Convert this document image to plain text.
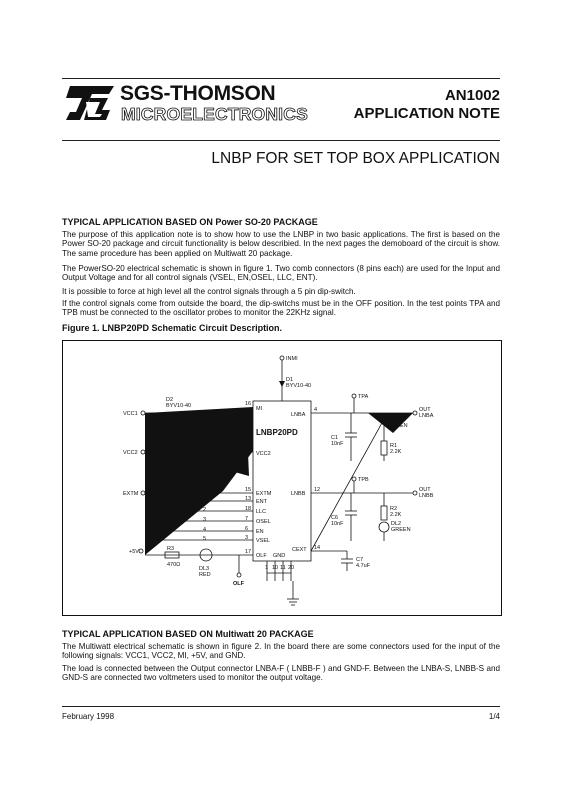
SGS-THOMSON
MICROELECTRONICS
AN1002
APPLICATION NOTE
LNBP FOR SET TOP BOX APPLICATION
TYPICAL APPLICATION BASED ON Power SO-20 PACKAGE
The purpose of this application note is to show how to use the LNBP in two basic applications. The first is based on the Power SO-20 package and circuit functionality is below describied. In the next pages the demoboard of the circuit is show. The same procedure has been applied on Multiwatt 20 package.
The PowerSO-20 electrical schematic is shown in figure 1. Two comb connectors (8 pins each) are used for the Input and Output Voltage and for all control signals (VSEL, EN,OSEL, LLC, ENT).
It is possible to force at high level all the control signals through a 5 pin dip-switch.
If the control signals come from outside the board, the dip-switchs must be in the OFF position. In the test points TPA and TPB must be connected to the oscillator probes to monitor the 22KHz signal.
Figure 1. LNBP20PD Schematic Circuit Description.
INMI
D1
BYV10-40
D2
BYV10-40
VCC1
VCC2
EXTM
+5V
LNBP20PD
MI
LNBA
VCC2
EXTM
ENT
LLC
OSEL
EN
VSEL
OLF GND
CEXT
LNBB
16
4
5
15
13
18
7
6
3
17
12
14
1 10 11 20
1
2
3
4
5
TPA
TPB
OUT
LNBA
OUT
LNBB
DL1
GREEN
R1
2.2K
R2
2.2K
DL2
GREEN
C1
10nF
C3
2.2uF
C6
10nF
C7
4.7uF
R3
470Ω
DL3
RED
OLF
TYPICAL APPLICATION BASED ON Multiwatt 20 PACKAGE
The Multiwatt electrical schematic is shown in figure 2. In the board there are some connectors used for the input of the following signals: VCC1, VCC2, MI, +5V, and GND.
The load is connected between the Output connector LNBA-F ( LNBB-F ) and GND-F. Between the LNBA-S, LNBB-S and GND-S are connected two voltmeters used to monitor the output voltage.
February 1998	1/4
